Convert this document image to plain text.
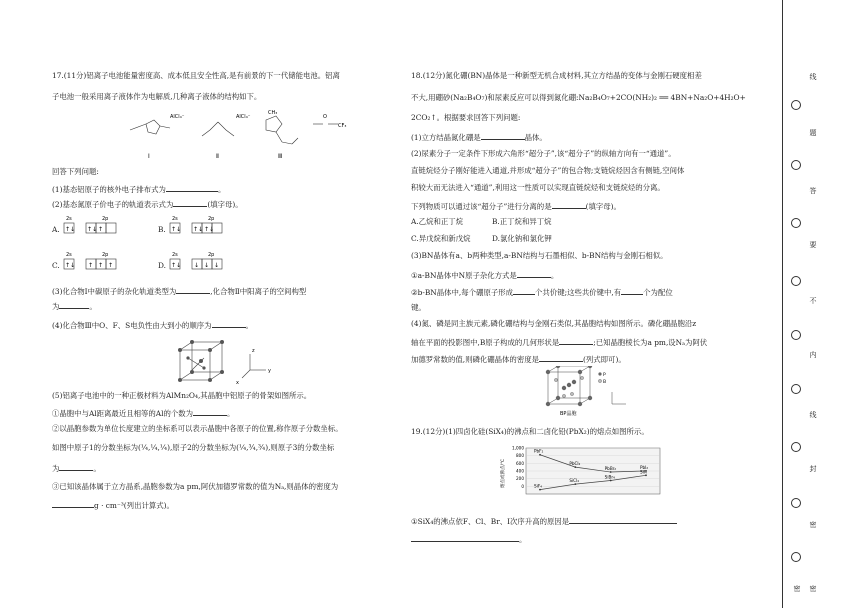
17.(11分)铝离子电池能量密度高、成本低且安全性高,是有前景的下一代储能电池。铝离
子电池一般采用离子液体作为电解质,几种离子液体的结构如下。
AlCl₄⁻	AlCl₄⁻
CH₃
O
CF₃
Ⅰ	Ⅱ	Ⅲ
回答下列问题:
(1)基态铝原子的核外电子排布式为	。
(2)基态氮原子价电子的轨道表示式为	(填字母)。
A.
2s	2p
↑↓ ↑↓ ↑	B.
2s	2p
↑↓ ↑↓ ↑↓
C.
2s	2p
↑↓ ↑ ↑ ↑	D.
2s	2p
↑↓ ↓ ↓ ↓
(3)化合物Ⅰ中碳原子的杂化轨道类型为	,化合物Ⅱ中阳离子的空间构型
为	。
(4)化合物Ⅲ中O、F、S电负性由大到小的顺序为	。
z
y
x
(5)铝离子电池中的一种正极材料为AlMn₂O₄,其晶胞中铝原子的骨架如图所示。
①晶胞中与Al距离最近且相等的Al的个数为	。
②以晶胞参数为单位长度建立的坐标系可以表示晶胞中各原子的位置,称作原子分数坐标。
如图中原子1的分数坐标为(¼,¼,¼),原子2的分数坐标为(¼,¾,¾),则原子3的分数坐标
为	。
③已知该晶体属于立方晶系,晶胞参数为a pm,阿伏加德罗常数的值为Nₐ,则晶体的密度为
g · cm⁻³(列出计算式)。
18.(12分)氮化硼(BN)晶体是一种新型无机合成材料,其立方结晶的变体与金刚石硬度相差
不大,用硼砂(Na₂B₄O₇)和尿素反应可以得到氮化硼:Na₂B₄O₇+2CO(NH₂)₂ ══ 4BN+Na₂O+4H₂O+
2CO₂↑。根据要求回答下列问题:
(1)立方结晶氮化硼是	晶体。
(2)尿素分子一定条件下形成六角形“超分子”,该“超分子”的纵轴方向有一“通道”。
直链烷烃分子刚好能进入通道,并形成“超分子”的包合物;支链烷烃因含有侧链,空间体
积较大而无法进入“通道”,利用这一性质可以实现直链烷烃和支链烷烃的分离。
下列物质可以通过该“超分子”进行分离的是	(填字母)。
A.乙烷和正丁烷	B.正丁烷和异丁烷
C.异戊烷和新戊烷	D.氯化钠和氯化钾
(3)BN晶体有a、b两种类型,a-BN结构与石墨相似、b-BN结构与金刚石相似。
①a-BN晶体中N原子杂化方式是	。
②b-BN晶体中,每个硼原子形成	个共价键;这些共价键中,有	个为配位
键。
(4)氮、磷是同主族元素,磷化硼结构与金刚石类似,其晶胞结构如图所示。磷化硼晶胞沿z
轴在平面的投影图中,B原子构成的几何形状是	;已知晶胞棱长为a pm,设Nₐ为阿伏
加德罗常数的值,则磷化硼晶体的密度是	(列式即可)。
P
B
BP晶胞
19.(12分)(1)四卤化硅(SiX₄)的沸点和二卤化铅(PbX₂)的熔点如图所示。
熔点或沸点/℃	0
200
400
600
800
1,000
PbF₂
PbCl₂
PbBr₂	PbI₂
SiF₄
SiCl₄
SiBr₄
SiI₄
①SiX₄的沸点依F、Cl、Br、I次序升高的原因是
。
线
题
答
要
不
内
线
封
密
密 密
